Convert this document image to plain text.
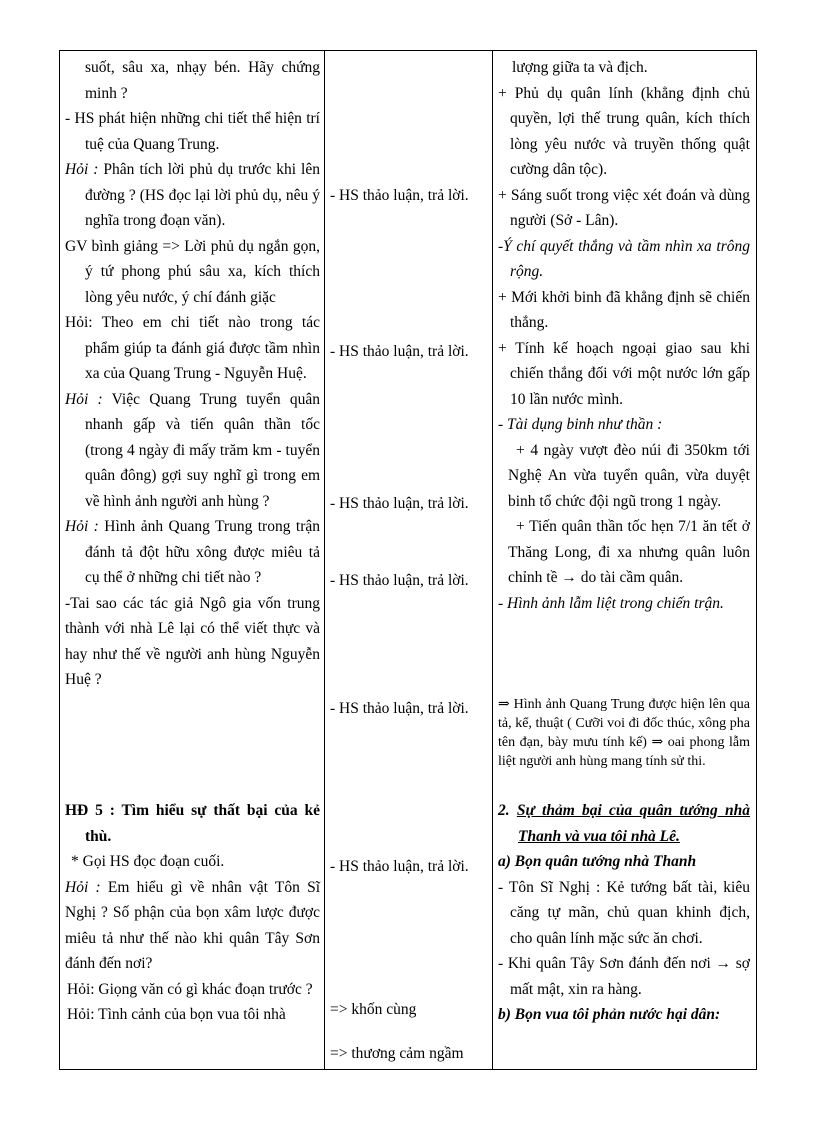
suốt, sâu xa, nhạy bén. Hãy chứng minh ?

- HS phát hiện những chi tiết thể hiện trí tuệ của Quang Trung.

Hỏi : Phân tích lời phủ dụ trước khi lên đường ? (HS đọc lại lời phủ dụ, nêu ý nghĩa trong đoạn văn).

GV bình giảng => Lời phủ dụ ngắn gọn, ý tứ phong phú sâu xa, kích thích lòng yêu nước, ý chí đánh giặc

Hỏi: Theo em chi tiết nào trong tác phẩm giúp ta đánh giá được tầm nhìn xa của Quang Trung - Nguyễn Huệ.

Hỏi : Việc Quang Trung tuyển quân nhanh gấp và tiến quân thần tốc (trong 4 ngày đi mấy trăm km - tuyển quân đông) gợi suy nghĩ gì trong em về hình ảnh người anh hùng ?

Hỏi : Hình ảnh Quang Trung trong trận đánh tả đột hữu xông được miêu tả cụ thể ở những chi tiết nào ?

-Tai sao các tác giả Ngô gia vốn trung thành với nhà Lê lại có thể viết thực và hay như thế về người anh hùng Nguyễn Huệ ?

HĐ 5 : Tìm hiểu sự thất bại của kẻ thù.

* Gọi HS đọc đoạn cuối.

Hỏi : Em hiểu gì về nhân vật Tôn Sĩ Nghị ? Số phận của bọn xâm lược được miêu tả như thế nào khi quân Tây Sơn đánh đến nơi?

Hỏi: Giọng văn có gì khác đoạn trước ?

Hỏi: Tình cảnh của bọn vua tôi nhà

- HS thảo luận, trả lời.

- HS thảo luận, trả lời.

- HS thảo luận, trả lời.

- HS thảo luận, trả lời.

- HS thảo luận, trả lời.

- HS thảo luận, trả lời.

=> khốn cùng

=> thương cảm ngầm

lượng giữa ta và địch.

+ Phủ dụ quân lính (khẳng định chủ quyền, lợi thế trung quân, kích thích lòng yêu nước và truyền thống quật cường dân tộc).

+ Sáng suốt trong việc xét đoán và dùng người (Sở - Lân).

-Ý chí quyết thắng và tầm nhìn xa trông rộng.

+ Mới khởi binh đã khẳng định sẽ chiến thắng.

+ Tính kế hoạch ngoại giao sau khi chiến thắng đối với một nước lớn gấp 10 lần nước mình.

- Tài dụng binh như thần :

+ 4 ngày vượt đèo núi đi 350km tới Nghệ An vừa tuyển quân, vừa duyệt binh tổ chức đội ngũ trong 1 ngày.

+ Tiến quân thần tốc hẹn 7/1 ăn tết ở Thăng Long, đi xa nhưng quân luôn chỉnh tề → do tài cầm quân.

- Hình ảnh lẫm liệt trong chiến trận.

⇒ Hình ảnh Quang Trung được hiện lên qua tả, kể, thuật ( Cưỡi voi đi đốc thúc, xông pha tên đạn, bày mưu tính kế) ⇒ oai phong lẫm liệt người anh hùng mang tính sử thi.

2. Sự thảm bại của quân tướng nhà Thanh và vua tôi nhà Lê.

a) Bọn quân tướng nhà Thanh

- Tôn Sĩ Nghị : Kẻ tướng bất tài, kiêu căng tự mãn, chủ quan khinh địch, cho quân lính mặc sức ăn chơi.

- Khi quân Tây Sơn đánh đến nơi → sợ mất mật, xin ra hàng.

b) Bọn vua tôi phản nước hại dân:
